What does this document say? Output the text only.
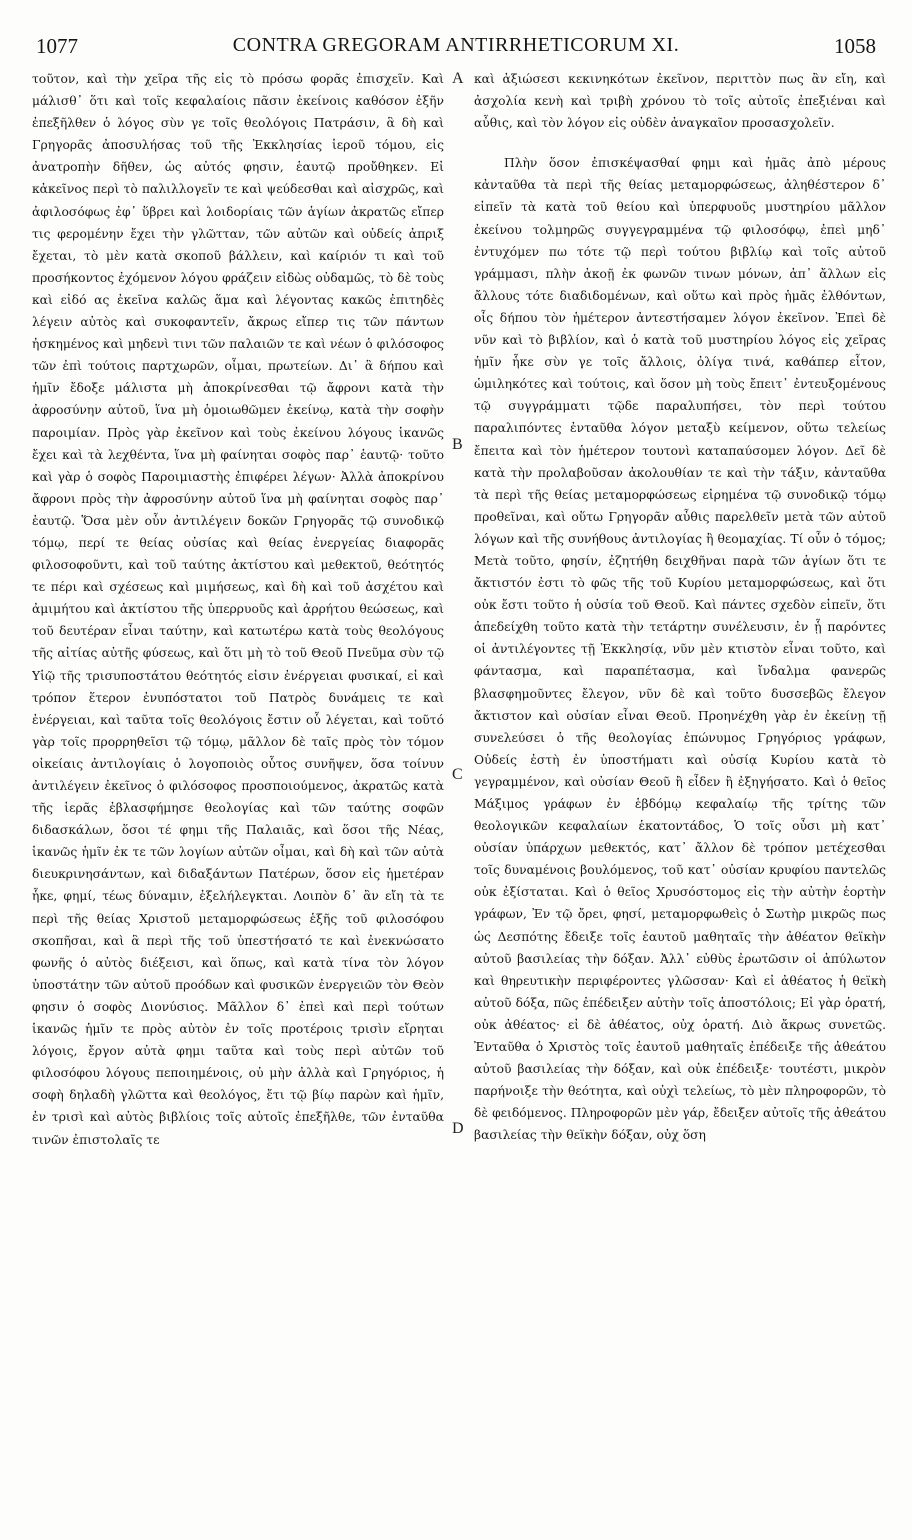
1077	CONTRA GREGORAM ANTIRRHETICORUM XI.	1058

τοῦτον, καὶ τὴν χεῖρα τῆς εἰς τὸ πρόσω φορᾶς ἐπισχεῖν. Καὶ μάλισθ᾽ ὅτι καὶ τοῖς κεφαλαίοις πᾶσιν ἐκείνοις καθόσον ἐξῆν ἐπεξῆλθεν ὁ λόγος σὺν γε τοῖς θεολόγοις Πατράσιν, ἃ δὴ καὶ Γρηγορᾶς ἀποσυλήσας τοῦ τῆς Ἐκκλησίας ἱεροῦ τόμου, εἰς ἀνατροπὴν δῆθεν, ὡς αὐτός φησιν, ἑαυτῷ προὔθηκεν. Εἰ κἀκεῖνος περὶ τὸ παλιλλογεῖν τε καὶ ψεύδεσθαι καὶ αἰσχρῶς, καὶ ἀφιλοσόφως ἐφ᾽ ὕβρει καὶ λοιδορίαις τῶν ἁγίων ἀκρατῶς εἴπερ τις φερομένην ἔχει τὴν γλῶτταν, τῶν αὐτῶν καὶ οὐδείς ἀπριξ ἔχεται, τὸ μὲν κατὰ σκοποῦ βάλλειν, καὶ καίριόν τι καὶ τοῦ προσήκοντος ἐχόμενον λόγου φράζειν εἰδὼς οὐδαμῶς, τὸ δὲ τοὺς καὶ εἰδό ας ἐκεῖνα καλῶς ἅμα καὶ λέγοντας κακῶς ἐπιτηδὲς λέγειν αὐτὸς καὶ συκοφαντεῖν, ἄκρως εἴπερ τις τῶν πάντων ἠσκημένος καὶ μηδενὶ τινι τῶν παλαιῶν τε καὶ νέων ὁ φιλόσοφος τῶν ἐπὶ τούτοις παρτχωρῶν, οἶμαι, πρωτείων. Δι᾽ ἃ δήπου καὶ ἡμῖν ἔδοξε μάλιστα μὴ ἀποκρίνεσθαι τῷ ἄφρονι κατὰ τὴν ἀφροσύνην αὐτοῦ, ἵνα μὴ ὁμοιωθῶμεν ἐκείνῳ, κατὰ τὴν σοφὴν παροιμίαν. Πρὸς γὰρ ἐκεῖνον καὶ τοὺς ἐκείνου λόγους ἱκανῶς ἔχει καὶ τὰ λεχθέντα, ἵνα μὴ φαίνηται σοφὸς παρ᾽ ἑαυτῷ· τοῦτο καὶ γὰρ ὁ σοφὸς Παροιμιαστὴς ἐπιφέρει λέγων· Ἀλλὰ ἀποκρίνου ἄφρονι πρὸς τὴν ἀφροσύνην αὐτοῦ ἵνα μὴ φαίνηται σοφὸς παρ᾽ ἑαυτῷ. Ὅσα μὲν οὖν ἀντιλέγειν δοκῶν Γρηγορᾶς τῷ συνοδικῷ τόμῳ, περί τε θείας οὐσίας καὶ θείας ἐνεργείας διαφορᾶς φιλοσοφοῦντι, καὶ τοῦ ταύτης ἀκτίστου καὶ μεθεκτοῦ, θεότητός τε πέρι καὶ σχέσεως καὶ μιμήσεως, καὶ δὴ καὶ τοῦ ἀσχέτου καὶ ἀμιμήτου καὶ ἀκτίστου τῆς ὑπερρυοῦς καὶ ἀρρήτου θεώσεως, καὶ τοῦ δευτέραν εἶναι ταύτην, καὶ κατωτέρω κατὰ τοὺς θεολόγους τῆς αἰτίας αὐτῆς φύσεως, καὶ ὅτι μὴ τὸ τοῦ Θεοῦ Πνεῦμα σὺν τῷ Υἱῷ τῆς τρισυποστάτου θεότητός εἰσιν ἐνέργειαι φυσικαί, εἰ καὶ τρόπον ἕτερον ἐνυπόστατοι τοῦ Πατρὸς δυνάμεις τε καὶ ἐνέργειαι, καὶ ταῦτα τοῖς θεολόγοις ἔστιν οὗ λέγεται, καὶ τοῦτό γὰρ τοῖς προρρηθεῖσι τῷ τόμῳ, μᾶλλον δὲ ταῖς πρὸς τὸν τόμον οἰκείαις ἀντιλογίαις ὁ λογοποιὸς οὗτος συνῆψεν, ὅσα τοίνυν ἀντιλέγειν ἐκεῖνος ὁ φιλόσοφος προσποιούμενος, ἀκρατῶς κατὰ τῆς ἱερᾶς ἐβλασφήμησε θεολογίας καὶ τῶν ταύτης σοφῶν διδασκάλων, ὅσοι τέ φημι τῆς Παλαιᾶς, καὶ ὅσοι τῆς Νέας, ἱκανῶς ἡμῖν ἐκ τε τῶν λογίων αὐτῶν οἶμαι, καὶ δὴ καὶ τῶν αὐτὰ διευκρινησάντων, καὶ διδαξάντων Πατέρων, ὅσον εἰς ἡμετέραν ἧκε, φημί, τέως δύναμιν, ἐξελήλεγκται. Λοιπὸν δ᾽ ἂν εἴη τὰ τε περὶ τῆς θείας Χριστοῦ μεταμορφώσεως ἑξῆς τοῦ φιλοσόφου σκοπῆσαι, καὶ ἃ περὶ τῆς τοῦ ὑπεστήσατό τε καὶ ἐνεκνώσατο φωνῆς ὁ αὐτὸς διέξεισι, καὶ ὅπως, καὶ κατὰ τίνα τὸν λόγον ὑποστάτην τῶν αὐτοῦ προόδων καὶ φυσικῶν ἐνεργειῶν τὸν Θεὸν φησιν ὁ σοφὸς Διονύσιος. Μᾶλλον δ᾽ ἐπεὶ καὶ περὶ τούτων ἱκανῶς ἡμῖν τε πρὸς αὐτὸν ἐν τοῖς προτέροις τρισὶν εἴρηται λόγοις, ἔργον αὐτὰ φημι ταῦτα καὶ τοὺς περὶ αὐτῶν τοῦ φιλοσόφου λόγους πεποιημένοις, οὐ μὴν ἀλλὰ καὶ Γρηγόριος, ἡ σοφὴ δηλαδὴ γλῶττα καὶ θεολόγος, ἔτι τῷ βίῳ παρὼν καὶ ἡμῖν, ἐν τρισὶ καὶ αὐτὸς βιβλίοις τοῖς αὐτοῖς ἐπεξῆλθε, τῶν ἐνταῦθα τινῶν ἐπιστολαῖς τε

A
B
C
D

καὶ ἀξιώσεσι κεκινηκότων ἐκεῖνον, περιττὸν πως ἂν εἴη, καὶ ἀσχολία κενὴ καὶ τριβὴ χρόνου τὸ τοῖς αὐτοῖς ἐπεξιέναι καὶ αὖθις, καὶ τὸν λόγον εἰς οὐδὲν ἀναγκαῖον προσασχολεῖν.

Πλὴν ὅσον ἐπισκέψασθαί φημι καὶ ἡμᾶς ἀπὸ μέρους κἀνταῦθα τὰ περὶ τῆς θείας μεταμορφώσεως, ἀληθέστερον δ᾽ εἰπεῖν τὰ κατὰ τοῦ θείου καὶ ὑπερφυοῦς μυστηρίου μᾶλλον ἐκείνου τολμηρῶς συγγεγραμμένα τῷ φιλοσόφῳ, ἐπεὶ μηδ᾽ ἐντυχόμεν πω τότε τῷ περὶ τούτου βιβλίῳ καὶ τοῖς αὐτοῦ γράμμασι, πλὴν ἀκοῇ ἐκ φωνῶν τινων μόνων, ἀπ᾽ ἄλλων εἰς ἄλλους τότε διαδιδομένων, καὶ οὕτω καὶ πρὸς ἡμᾶς ἐλθόντων, οἷς δήπου τὸν ἡμέτερον ἀντεστήσαμεν λόγον ἐκεῖνον. Ἐπεὶ δὲ νῦν καὶ τὸ βιβλίον, καὶ ὁ κατὰ τοῦ μυστηρίου λόγος εἰς χεῖρας ἡμῖν ἧκε σὺν γε τοῖς ἄλλοις, ὀλίγα τινά, καθάπερ εἶτον, ὡμιληκότες καὶ τούτοις, καὶ ὅσον μὴ τοὺς ἔπειτ᾽ ἐντευξομένους τῷ συγγράμματι τῷδε παραλυπήσει, τὸν περὶ τούτου παραλιπόντες ἐνταῦθα λόγον μεταξὺ κείμενον, οὕτω τελείως ἔπειτα καὶ τὸν ἡμέτερον τουτονὶ καταπαύσομεν λόγον. Δεῖ δὲ κατὰ τὴν προλαβοῦσαν ἀκολουθίαν τε καὶ τὴν τάξιν, κἀνταῦθα τὰ περὶ τῆς θείας μεταμορφώσεως εἰρημένα τῷ συνοδικῷ τόμῳ προθεῖναι, καὶ οὕτω Γρηγορᾶν αὖθις παρελθεῖν μετὰ τῶν αὐτοῦ λόγων καὶ τῆς συνήθους ἀντιλογίας ἢ θεομαχίας. Τί οὖν ὁ τόμος; Μετὰ τοῦτο, φησίν, ἐζητήθη δειχθῆναι παρὰ τῶν ἁγίων ὅτι τε ἄκτιστόν ἐστι τὸ φῶς τῆς τοῦ Κυρίου μεταμορφώσεως, καὶ ὅτι οὐκ ἔστι τοῦτο ἡ οὐσία τοῦ Θεοῦ. Καὶ πάντες σχεδὸν εἰπεῖν, ὅτι ἀπεδείχθη τοῦτο κατὰ τὴν τετάρτην συνέλευσιν, ἐν ᾗ παρόντες οἱ ἀντιλέγοντες τῇ Ἐκκλησίᾳ, νῦν μὲν κτιστὸν εἶναι τοῦτο, καὶ φάντασμα, καὶ παραπέτασμα, καὶ ἴνδαλμα φανερῶς βλασφημοῦντες ἔλεγον, νῦν δὲ καὶ τοῦτο δυσσεβῶς ἔλεγον ἄκτιστον καὶ οὐσίαν εἶναι Θεοῦ. Προηνέχθη γὰρ ἐν ἐκείνῃ τῇ συνελεύσει ὁ τῆς θεολογίας ἐπώνυμος Γρηγόριος γράφων, Οὐδείς ἐστὴ ἐν ὑποστήματι καὶ οὐσίᾳ Κυρίου κατὰ τὸ γεγραμμένον, καὶ οὐσίαν Θεοῦ ἢ εἶδεν ἢ ἐξηγήσατο. Καὶ ὁ θεῖος Μάξιμος γράφων ἐν ἑβδόμῳ κεφαλαίῳ τῆς τρίτης τῶν θεολογικῶν κεφαλαίων ἑκατοντάδος, Ὁ τοῖς οὖσι μὴ κατ᾽ οὐσίαν ὑπάρχων μεθεκτός, κατ᾽ ἄλλον δὲ τρόπον μετέχεσθαι τοῖς δυναμένοις βουλόμενος, τοῦ κατ᾽ οὐσίαν κρυφίου παντελῶς οὐκ ἐξίσταται. Καὶ ὁ θεῖος Χρυσόστομος εἰς τὴν αὐτὴν ἑορτὴν γράφων, Ἐν τῷ ὄρει, φησί, μεταμορφωθεὶς ὁ Σωτὴρ μικρῶς πως ὡς Δεσπότης ἔδειξε τοῖς ἑαυτοῦ μαθηταῖς τὴν ἀθέατον θεϊκὴν αὐτοῦ βασιλείας τὴν δόξαν. Ἀλλ᾽ εὐθὺς ἐρωτῶσιν οἱ ἀπύλωτον καὶ θηρευτικὴν περιφέροντες γλῶσσαν· Καὶ εἰ ἀθέατος ἡ θεϊκὴ αὐτοῦ δόξα, πῶς ἐπέδειξεν αὐτὴν τοῖς ἀποστόλοις; Εἰ γὰρ ὁρατή, οὐκ ἀθέατος· εἰ δὲ ἀθέατος, οὐχ ὁρατή. Διὸ ἄκρως συνετῶς. Ἐνταῦθα ὁ Χριστὸς τοῖς ἑαυτοῦ μαθηταῖς ἐπέδειξε τῆς ἀθεάτου αὐτοῦ βασιλείας τὴν δόξαν, καὶ οὐκ ἐπέδειξε· τουτέστι, μικρὸν παρήνοιξε τὴν θεότητα, καὶ οὐχὶ τελείως, τὸ μὲν πληροφορῶν, τὸ δὲ φειδόμενος. Πληροφορῶν μὲν γάρ, ἔδειξεν αὐτοῖς τῆς ἀθεάτου βασιλείας τὴν θεϊκὴν δόξαν, οὐχ ὅση
